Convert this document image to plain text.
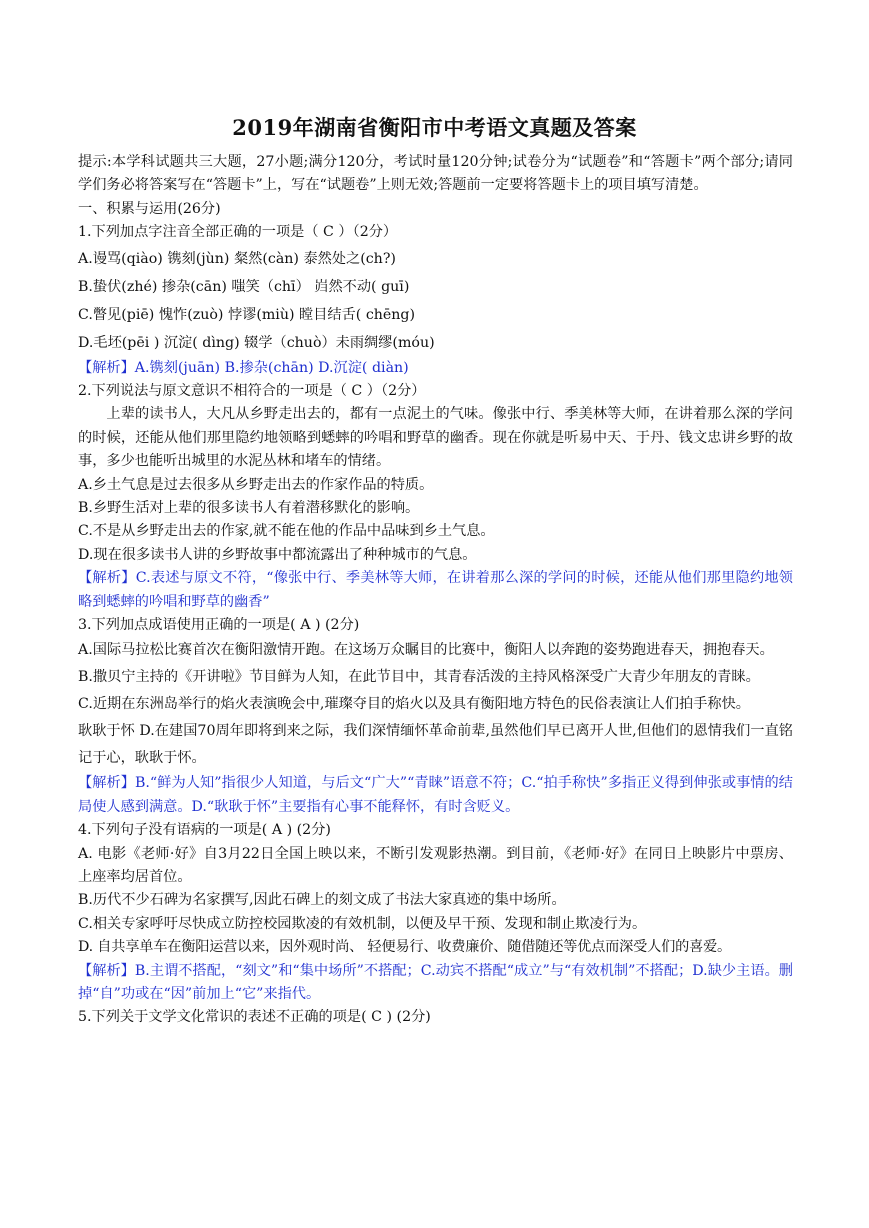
2019年湖南省衡阳市中考语文真题及答案
提示:本学科试题共三大题，27小题;满分120分，考试时量120分钟;试卷分为“试题卷”和“答题卡”两个部分;请同学们务必将答案写在“答题卡”上，写在“试题卷”上则无效;答题前一定要将答题卡上的项目填写清楚。
一、积累与运用(26分)
1.下列加点字注音全部正确的一项是（ C ）（2分）
A.谩骂(qiào) 镌刻(jùn) 粲然(càn) 泰然处之(ch?)
B.蛰伏(zhé) 掺杂(cān) 嗤笑（chī） 岿然不动( guī)
C.瞥见(piē) 愧怍(zuò) 悖谬(miù) 瞠目结舌( chēng)
D.毛坯(pēi ) 沉淀( dìng) 辍学（chuò）未雨绸缪(móu)
【解析】A.镌刻(juān) B.掺杂(chān) D.沉淀( diàn)
2.下列说法与原文意识不相符合的一项是（ C ）（2分）
上辈的读书人，大凡从乡野走出去的，都有一点泥土的气味。像张中行、季美林等大师，在讲着那么深的学问的时候，还能从他们那里隐约地领略到蟋蟀的吟唱和野草的幽香。现在你就是听易中天、于丹、钱文忠讲乡野的故事，多少也能听出城里的水泥丛林和堵车的情绪。
A.乡土气息是过去很多从乡野走出去的作家作品的特质。
B.乡野生活对上辈的很多读书人有着潜移默化的影响。
C.不是从乡野走出去的作家,就不能在他的作品中品味到乡土气息。
D.现在很多读书人讲的乡野故事中都流露出了种种城市的气息。
【解析】C.表述与原文不符，“像张中行、季美林等大师，在讲着那么深的学问的时候，还能从他们那里隐约地领略到蟋蟀的吟唱和野草的幽香”
3.下列加点成语使用正确的一项是( A ) (2分)
A.国际马拉松比赛首次在衡阳激情开跑。在这场万众瞩目的比赛中，衡阳人以奔跑的姿势跑进春天，拥抱春天。
B.撒贝宁主持的《开讲啦》节目鲜为人知，在此节目中，其青春活泼的主持风格深受广大青少年朋友的青睐。
C.近期在东洲岛举行的焰火表演晚会中,璀璨夺目的焰火以及具有衡阳地方特色的民俗表演让人们拍手称快。
耿耿于怀 D.在建国70周年即将到来之际，我们深情缅怀革命前辈,虽然他们早已离开人世,但他们的恩情我们一直铭记于心，耿耿于怀。
【解析】B.“鲜为人知”指很少人知道，与后文“广大”“青睐”语意不符；C.“拍手称快”多指正义得到伸张或事情的结局使人感到满意。D.“耿耿于怀”主要指有心事不能释怀，有时含贬义。
4.下列句子没有语病的一项是( A ) (2分)
A. 电影《老师·好》自3月22日全国上映以来，不断引发观影热潮。到目前，《老师·好》在同日上映影片中票房、上座率均居首位。
B.历代不少石碑为名家撰写,因此石碑上的刻文成了书法大家真迹的集中场所。
C.相关专家呼吁尽快成立防控校园欺凌的有效机制，以便及早干预、发现和制止欺凌行为。
D. 自共享单车在衡阳运营以来，因外观时尚、 轻便易行、收费廉价、随借随还等优点而深受人们的喜爱。
【解析】B.主谓不搭配，“刻文”和“集中场所”不搭配；C.动宾不搭配“成立”与“有效机制”不搭配；D.缺少主语。删掉“自”功或在“因”前加上“它”来指代。
5.下列关于文学文化常识的表述不正确的项是( C ) (2分)
